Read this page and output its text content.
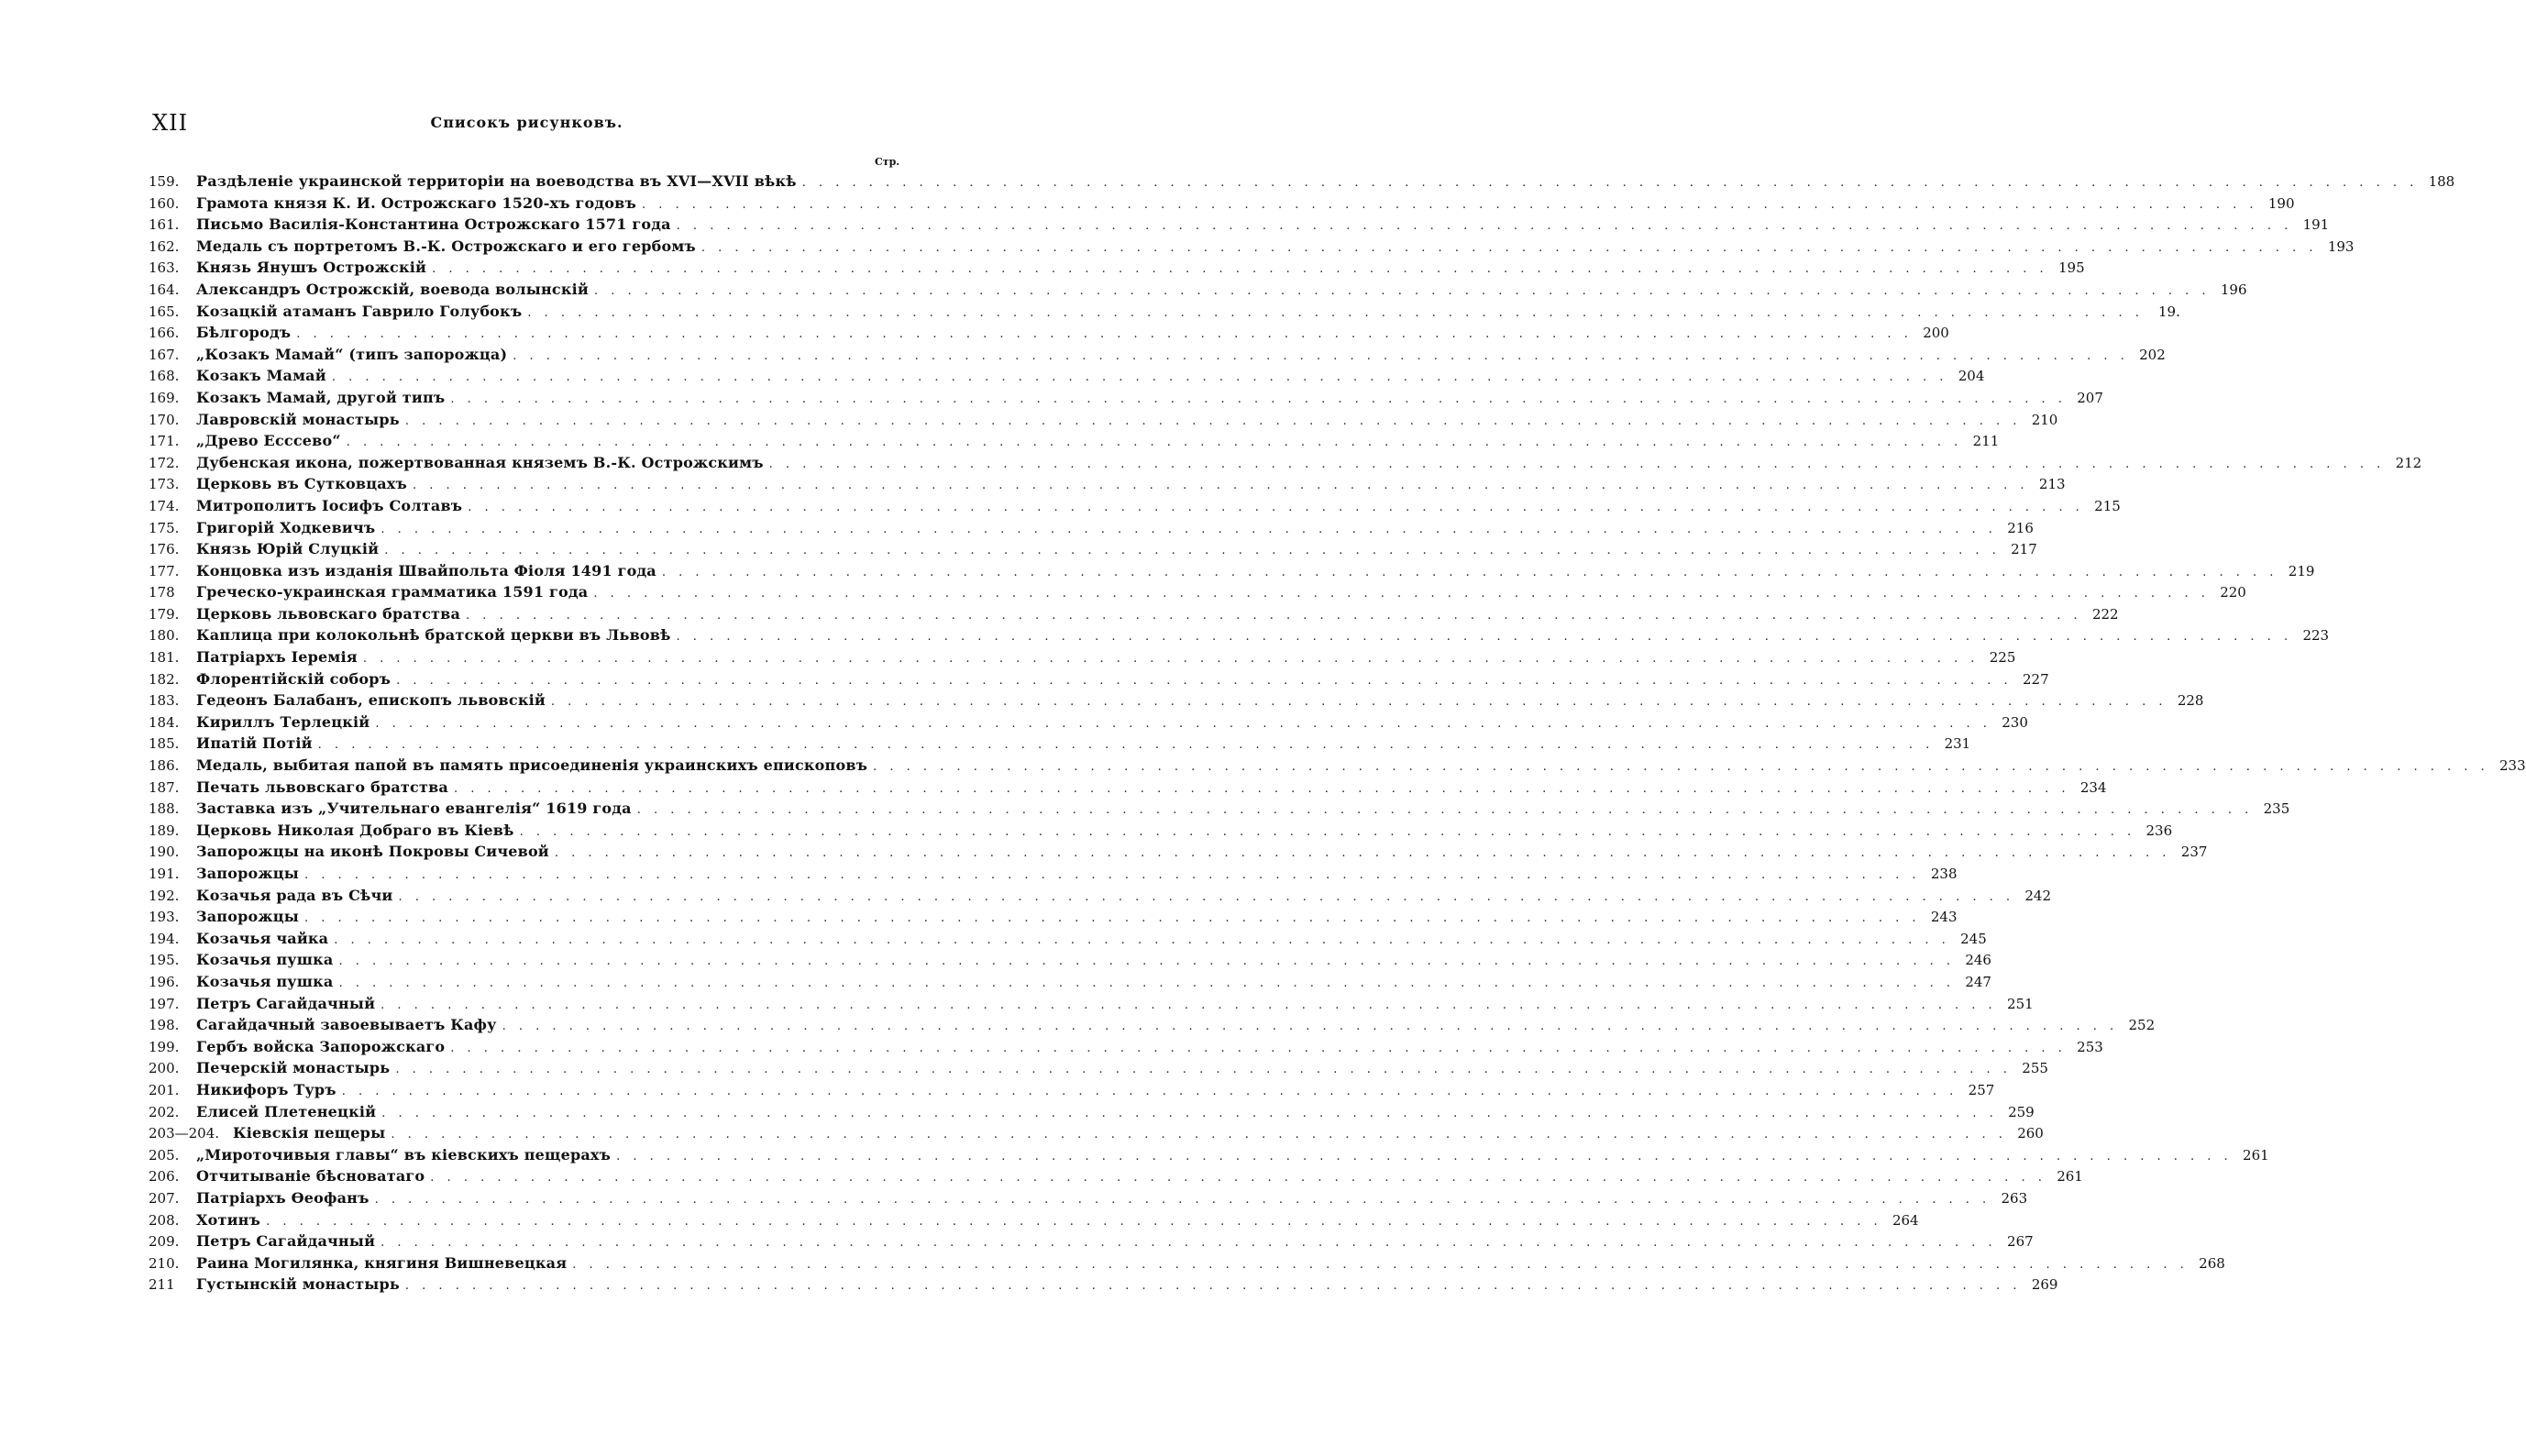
XII	Списокъ рисунковъ.
Стр.
159.	Раздѣленіе украинской территоріи на воеводства въ XVI—XVII вѣкѣ . . .	188
160.	Грамота князя К. И. Острожскаго 1520-хъ годовъ . . .	190
161.	Письмо Василія-Константина Острожскаго 1571 года . . .	191
162.	Медаль съ портретомъ В.-К. Острожскаго и его гербомъ . . .	193
163.	Князь Янушъ Острожскій . . .	195
164.	Александръ Острожскій, воевода волынскій . . .	196
165.	Козацкій атаманъ Гаврило Голубокъ . . .	19.
166.	Бѣлгородъ . . .	200
167.	„Козакъ Мамай“ (типъ запорожца) . . .	202
168.	Козакъ Мамай . . .	204
169.	Козакъ Мамай, другой типъ . . .	207
170.	Лавровскій монастырь . . .	210
171.	„Древо Есссево“ . . .	211
172.	Дубенская икона, пожертвованная княземъ В.-К. Острожскимъ . . .	212
173.	Церковь въ Сутковцахъ . . .	213
174.	Митрополитъ Іосифъ Солтавъ . . .	215
175.	Григорій Ходкевичъ . . .	216
176.	Князь Юрій Слуцкій . . .	217
177.	Концовка изъ изданія Швайпольта Фіоля 1491 года . . .	219
178	Греческо-украинская грамматика 1591 года . . .	220
179.	Церковь львовскаго братства . . .	222
180.	Каплица при колокольнѣ братской церкви въ Львовѣ . . .	223
181.	Патріархъ Іеремія . . .	225
182.	Флорентійскій соборъ . . .	227
183.	Гедеонъ Балабанъ, епископъ львовскій . . .	228
184.	Кириллъ Терлецкій . . .	230
185.	Ипатій Потій . . .	231
186.	Медаль, выбитая папой въ память присоединенія украинскихъ епископовъ . . .	233
187.	Печать львовскаго братства . . .	234
188.	Заставка изъ „Учительнаго евангелія“ 1619 года . . .	235
189.	Церковь Николая Добраго въ Кіевѣ . . .	236
190.	Запорожцы на иконѣ Покровы Сичевой . . .	237
191.	Запорожцы . . .	238
192.	Козачья рада въ Сѣчи . . .	242
193.	Запорожцы . . .	243
194.	Козачья чайка . . .	245
195.	Козачья пушка . . .	246
196.	Козачья пушка . . .	247
197.	Петръ Сагайдачный . . .	251
198.	Сагайдачный завоевываетъ Кафу . . .	252
199.	Гербъ войска Запорожскаго . . .	253
200.	Печерскій монастырь . . .	255
201.	Никифоръ Туръ . . .	257
202.	Елисей Плетенецкій . . .	259
203—204. Кіевскія пещеры . . .	260
205.	„Мироточивыя главы“ въ кіевскихъ пещерахъ . . .	261
206.	Отчитываніе бѣсноватаго . . .	261
207.	Патріархъ Ѳеофанъ . . .	263
208.	Хотинъ . . .	264
209.	Петръ Сагайдачный . . .	267
210.	Раина Могилянка, княгиня Вишневецкая . . .	268
211	Густынскій монастырь . . .	269
